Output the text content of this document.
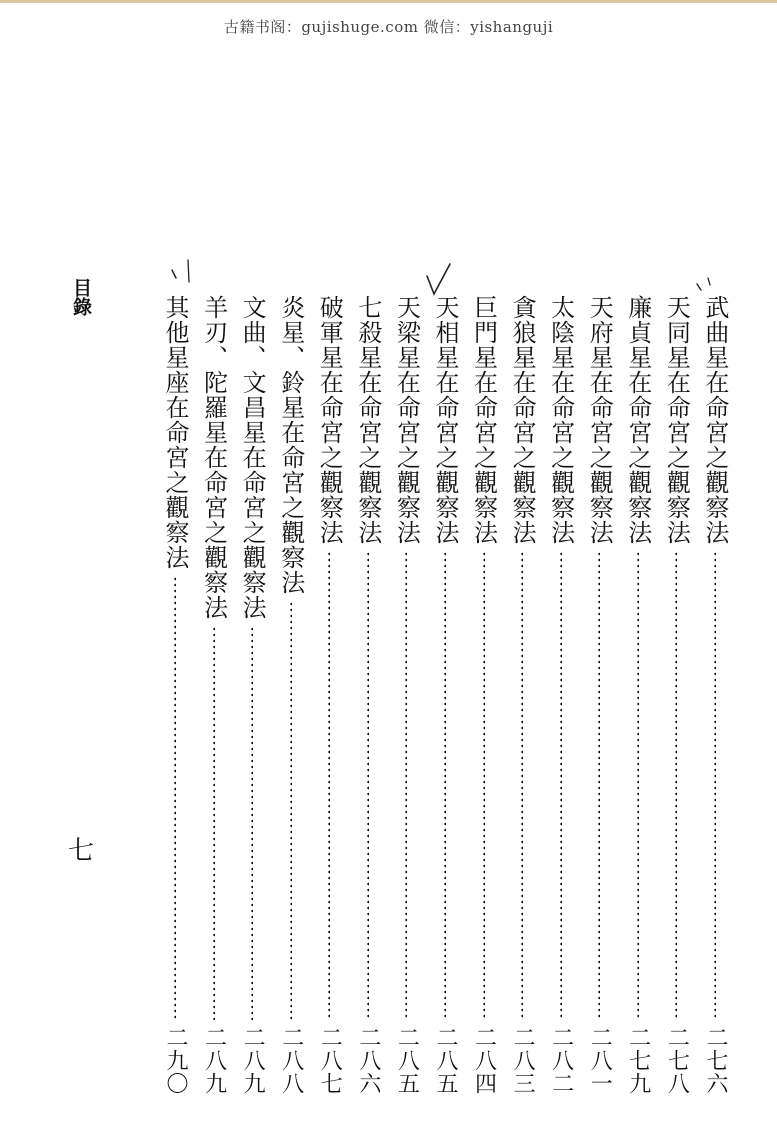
古籍书阁：gujishuge.com 微信：yishanguji
目錄
七
武曲星在命宮之觀察法
二七六
天同星在命宮之觀察法
二七八
廉貞星在命宮之觀察法
二七九
天府星在命宮之觀察法
二八一
太陰星在命宮之觀察法
二八二
貪狼星在命宮之觀察法
二八三
巨門星在命宮之觀察法
二八四
天相星在命宮之觀察法
二八五
天梁星在命宮之觀察法
二八五
七殺星在命宮之觀察法
二八六
破軍星在命宮之觀察法
二八七
炎星、鈴星在命宮之觀察法
二八八
文曲、文昌星在命宮之觀察法
二八九
羊刃、陀羅星在命宮之觀察法
二八九
其他星座在命宮之觀察法
二九〇
